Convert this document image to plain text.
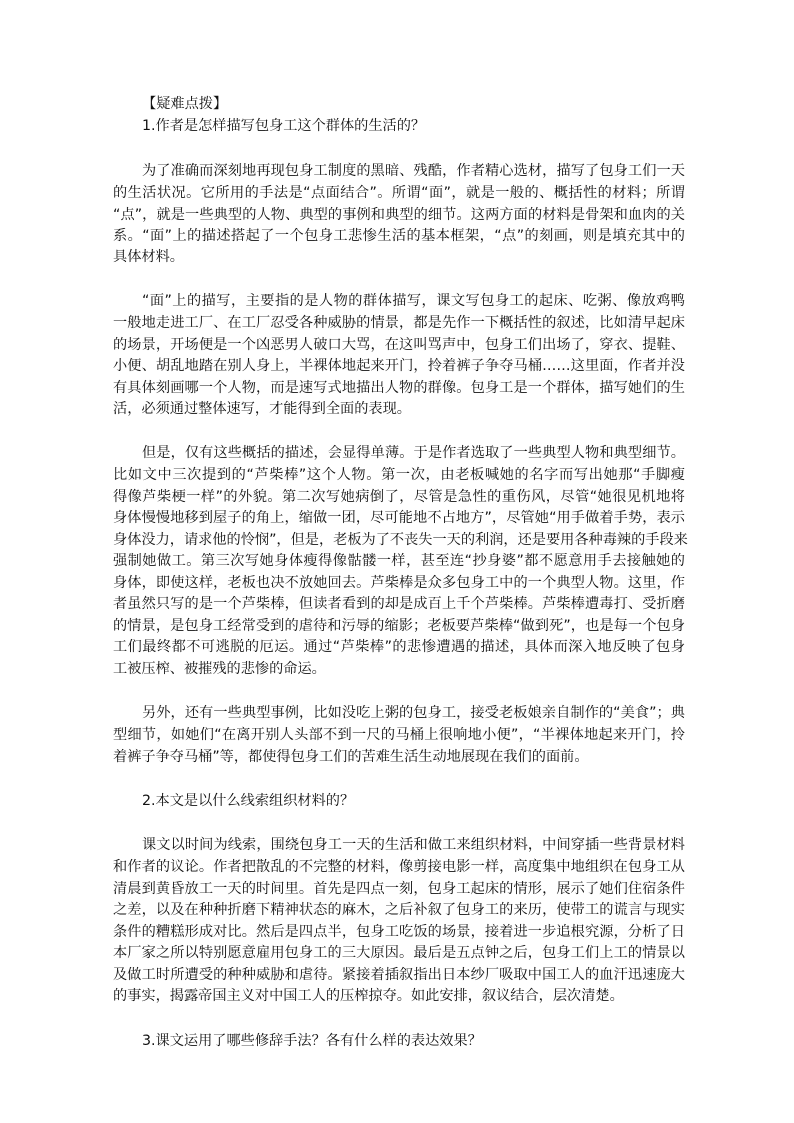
【疑难点拨】
1.作者是怎样描写包身工这个群体的生活的？
为了准确而深刻地再现包身工制度的黑暗、残酷，作者精心选材，描写了包身工们一天
的生活状况。它所用的手法是“点面结合”。所谓“面”，就是一般的、概括性的材料；所谓
“点”，就是一些典型的人物、典型的事例和典型的细节。这两方面的材料是骨架和血肉的关
系。“面”上的描述搭起了一个包身工悲惨生活的基本框架，“点”的刻画，则是填充其中的
具体材料。
“面”上的描写，主要指的是人物的群体描写，课文写包身工的起床、吃粥、像放鸡鸭
一般地走进工厂、在工厂忍受各种威胁的情景，都是先作一下概括性的叙述，比如清早起床
的场景，开场便是一个凶恶男人破口大骂，在这叫骂声中，包身工们出场了，穿衣、提鞋、
小便、胡乱地踏在别人身上，半裸体地起来开门，拎着裤子争夺马桶……这里面，作者并没
有具体刻画哪一个人物，而是速写式地描出人物的群像。包身工是一个群体，描写她们的生
活，必须通过整体速写，才能得到全面的表现。
但是，仅有这些概括的描述，会显得单薄。于是作者选取了一些典型人物和典型细节。
比如文中三次提到的“芦柴棒”这个人物。第一次，由老板喊她的名字而写出她那“手脚瘦
得像芦柴梗一样”的外貌。第二次写她病倒了，尽管是急性的重伤风，尽管“她很见机地将
身体慢慢地移到屋子的角上，缩做一团，尽可能地不占地方”，尽管她“用手做着手势，表示
身体没力，请求他的怜悯”，但是，老板为了不丧失一天的利润，还是要用各种毒辣的手段来
强制她做工。第三次写她身体瘦得像骷髅一样，甚至连“抄身婆”都不愿意用手去接触她的
身体，即使这样，老板也决不放她回去。芦柴棒是众多包身工中的一个典型人物。这里，作
者虽然只写的是一个芦柴棒，但读者看到的却是成百上千个芦柴棒。芦柴棒遭毒打、受折磨
的情景，是包身工经常受到的虐待和污辱的缩影；老板要芦柴棒“做到死”，也是每一个包身
工们最终都不可逃脱的厄运。通过“芦柴棒”的悲惨遭遇的描述，具体而深入地反映了包身
工被压榨、被摧残的悲惨的命运。
另外，还有一些典型事例，比如没吃上粥的包身工，接受老板娘亲自制作的“美食”；典
型细节，如她们“在离开别人头部不到一尺的马桶上很响地小便”，“半裸体地起来开门，拎
着裤子争夺马桶”等，都使得包身工们的苦难生活生动地展现在我们的面前。
2.本文是以什么线索组织材料的？
课文以时间为线索，围绕包身工一天的生活和做工来组织材料，中间穿插一些背景材料
和作者的议论。作者把散乱的不完整的材料，像剪接电影一样，高度集中地组织在包身工从
清晨到黄昏放工一天的时间里。首先是四点一刻，包身工起床的情形，展示了她们住宿条件
之差，以及在种种折磨下精神状态的麻木，之后补叙了包身工的来历，使带工的谎言与现实
条件的糟糕形成对比。然后是四点半，包身工吃饭的场景，接着进一步追根究源，分析了日
本厂家之所以特别愿意雇用包身工的三大原因。最后是五点钟之后，包身工们上工的情景以
及做工时所遭受的种种威胁和虐待。紧接着插叙指出日本纱厂吸取中国工人的血汗迅速庞大
的事实，揭露帝国主义对中国工人的压榨掠夺。如此安排，叙议结合，层次清楚。
3.课文运用了哪些修辞手法？各有什么样的表达效果？
